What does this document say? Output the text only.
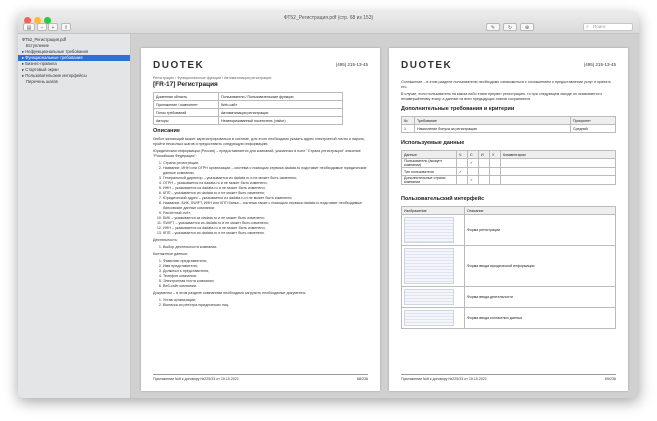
ФТ52_Регистрация.pdf (стр. 68 из 153)
▤	−	+	⇪	✎	↻	⊕	⌕ Поиск
ФТ52_Регистрация.pdf
Вступление
▸ Нефункциональные требования
▸ Функциональные требования
▸ Бизнес-правила
▸ Стартовый экран
▸ Пользовательские интерфейсы
Перечень шагов
DUOTEK	(495) 215-13-45
Регистрация / Функциональные функции / Автоматизация регистрации
[FR-17] Регистрация
Доменная область	Пользователи / Пользовательские функции
Приложение / компонент	Web-сайт
Поток требований	Автоматизация регистрации
Авторы	Неавторизованный посетитель (visitor)
Описание

Любое желающий может зарегистрироваться в системе, для этого необходимо указать адрес электронной почты и пароль, пройти несколько шагов и предоставить следующую информацию:

Юридическая информация (Россия) – предоставляется для компаний, указанных в поле "Страна регистрации" значение "Российская Федерация":

1. Страна регистрации;
2. Название, ИНН или ОГРН организации – система с помощью сервиса dadata.ru подставит необходимые юридические данные компании;
3. Генеральный директор – указывается из dadata.ru и не может быть изменено;
4. ОГРН – указывается из dadata.ru и не может быть изменено;
5. ИНН – указывается из dadata.ru и не может быть изменено;
6. КПП – указывается из dadata.ru и не может быть изменено;
7. Юридический адрес – указывается из dadata.ru и не может быть изменено;
8. Название, БИК, SWIFT, ИНН или КПП банка – система также с помощью сервиса dadata.ru подставит необходимые банковские данные компании;
9. Расчётный счёт;
10. БИК – указывается из dadata.ru и не может быть изменено;
11. SWIFT – указывается из dadata.ru и не может быть изменено;
12. ИНН – указывается из dadata.ru и не может быть изменено;
13. КПП – указывается из dadata.ru и не может быть изменено.

Деятельность:

1. Выбор деятельности компании.

Контактные данные:

1. Фамилию представителя;
2. Имя представителя;
3. Должность представителя;
4. Телефон компании;
5. Электронная почта компании;
6. Веб-сайт компании.

Документы – в этом разделе компаниям необходимо загрузить необходимые документы:

1. Устав организации;
2. Выписка из реестра юридических лиц.
Приложение №8 к договору №225/33 от 15.10.2021	68/236
DUOTEK	(495) 215-13-45

Соглашение – в этом разделе пользователю необходимо ознакомиться с соглашением о предоставлении услуг и принять его.

В случае, если пользователь на каком-либо этапе прервет регистрацию, то при следующем заходе он оказывается к незавершённому этапу, а данные из всех предыдущих этапов сохраняются.

Дополнительные требования и критерии
№	Требование	Приоритет
1	Начисление бонуса за регистрацию	Средний
Используемые данные
Данные	Ч	С	И	У	Комментарии
Пользователь (аккаунт компании)		✓			
Тип пользователя	✓				
Дополнительные страны компании		✓			
Пользовательский интерфейс
Изображение	Описание

	Форма регистрации

	Форма ввода юридической информации

	Форма ввода деятельности

	Форма ввода контактных данных
Приложение №8 к договору №225/33 от 15.10.2021	69/236
